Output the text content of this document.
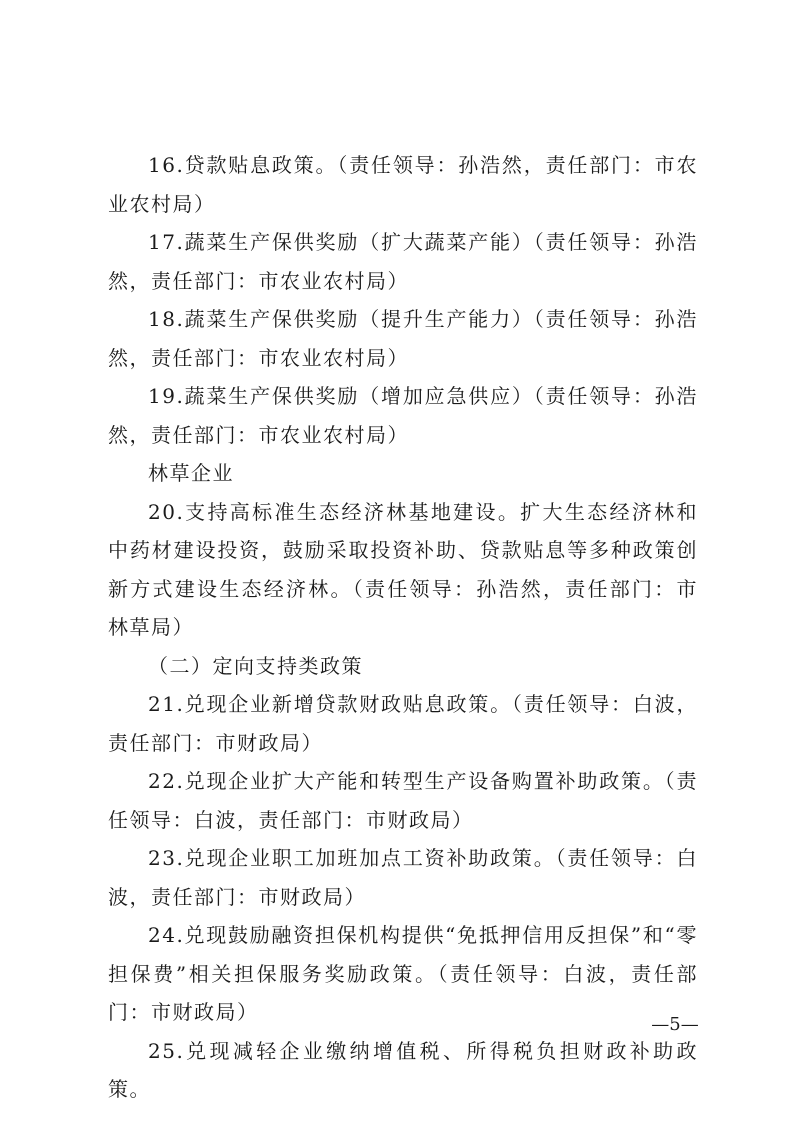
16.贷款贴息政策。（责任领导：孙浩然，责任部门：市农业农村局）

17.蔬菜生产保供奖励（扩大蔬菜产能）（责任领导：孙浩然，责任部门：市农业农村局）

18.蔬菜生产保供奖励（提升生产能力）（责任领导：孙浩然，责任部门：市农业农村局）

19.蔬菜生产保供奖励（增加应急供应）（责任领导：孙浩然，责任部门：市农业农村局）

林草企业

20.支持高标准生态经济林基地建设。扩大生态经济林和中药材建设投资，鼓励采取投资补助、贷款贴息等多种政策创新方式建设生态经济林。（责任领导：孙浩然，责任部门：市林草局）

（二）定向支持类政策

21.兑现企业新增贷款财政贴息政策。（责任领导：白波，责任部门：市财政局）

22.兑现企业扩大产能和转型生产设备购置补助政策。（责任领导：白波，责任部门：市财政局）

23.兑现企业职工加班加点工资补助政策。（责任领导：白波，责任部门：市财政局）

24.兑现鼓励融资担保机构提供“免抵押信用反担保”和“零担保费”相关担保服务奖励政策。（责任领导：白波，责任部门：市财政局）

25.兑现减轻企业缴纳增值税、所得税负担财政补助政策。

—5—
